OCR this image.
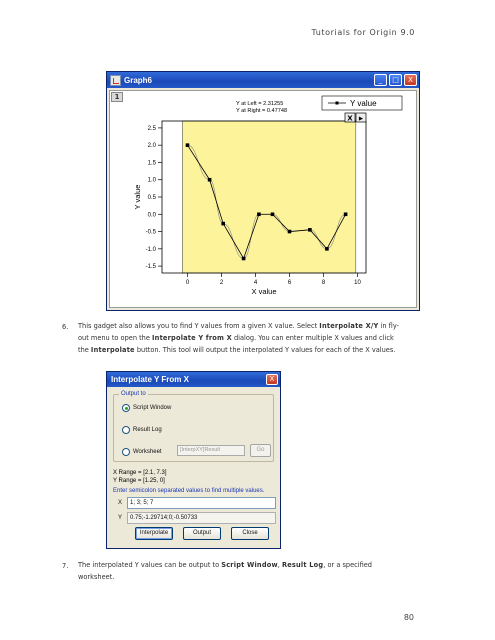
Tutorials for Origin 9.0
Graph6	_	□	X
1
-1.5
-1.0
-0.5
0.0
0.5
1.0
1.5
2.0
2.5
0	2	4	6	8	10
X value
Y value
Y at Left = 2.31255
Y at Right = 0.47748
Y value
X ▶
6. This gadget also allows you to find Y values from a given X value. Select Interpolate X/Y in fly-
out menu to open the Interpolate Y from X dialog. You can enter multiple X values and click
the Interpolate button. This tool will output the interpolated Y values for each of the X values.
Interpolate Y From X	X
Output to
Script Window
Result Log
Worksheet	[InterpXY]Result	Go
X Range = [2.1, 7.3]
Y Range = [1.25, 0]
Enter semicolon separated values to find multiple values.
X	1; 3; 5; 7
Y	0.75;-1.29714;0;-0.50733
Interpolate	Output	Close
7. The interpolated Y values can be output to Script Window, Result Log, or a specified
worksheet.
80
